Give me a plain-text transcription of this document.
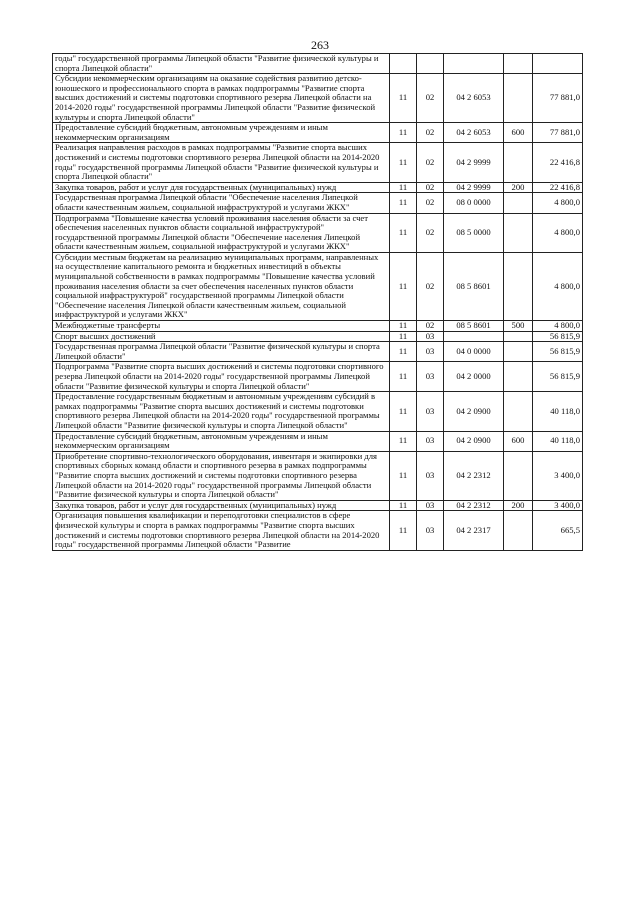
263
годы" государственной программы Липецкой области "Развитие физической культуры и спорта Липецкой области"					
Субсидии некоммерческим организациям на оказание содействия развитию детско-юношеского и профессионального спорта в рамках подпрограммы "Развитие спорта высших достижений и системы подготовки спортивного резерва Липецкой области на 2014-2020 годы" государственной программы Липецкой области "Развитие физической культуры и спорта Липецкой области"	11	02	04 2 6053		77 881,0
Предоставление субсидий бюджетным, автономным учреждениям и иным некоммерческим организациям	11	02	04 2 6053	600	77 881,0
Реализация направления расходов в рамках подпрограммы "Развитие спорта высших достижений и системы подготовки спортивного резерва Липецкой области на 2014-2020 годы" государственной программы Липецкой области "Развитие физической культуры и спорта Липецкой области"	11	02	04 2 9999		22 416,8
Закупка товаров, работ и услуг для государственных (муниципальных) нужд	11	02	04 2 9999	200	22 416,8
Государственная программа Липецкой области "Обеспечение населения Липецкой области качественным жильем, социальной инфраструктурой и услугами ЖКХ"	11	02	08 0 0000		4 800,0
Подпрограмма "Повышение качества условий проживания населения области за счет обеспечения населенных пунктов области социальной инфраструктурой" государственной программы Липецкой области "Обеспечение населения Липецкой области качественным жильем, социальной инфраструктурой и услугами ЖКХ"	11	02	08 5 0000		4 800,0
Субсидии местным бюджетам на реализацию муниципальных программ, направленных на осуществление капитального ремонта и бюджетных инвестиций в объекты муниципальной собственности в рамках подпрограммы "Повышение качества условий проживания населения области за счет обеспечения населенных пунктов области социальной инфраструктурой" государственной программы Липецкой области "Обеспечение населения Липецкой области качественным жильем, социальной инфраструктурой и услугами ЖКХ"	11	02	08 5 8601		4 800,0
Межбюджетные трансферты	11	02	08 5 8601	500	4 800,0
Спорт высших достижений	11	03			56 815,9
Государственная программа Липецкой области "Развитие физической культуры и спорта Липецкой области"	11	03	04 0 0000		56 815,9
Подпрограмма "Развитие спорта высших достижений и системы подготовки спортивного резерва Липецкой области на 2014-2020 годы" государственной программы Липецкой области "Развитие физической культуры и спорта Липецкой области"	11	03	04 2 0000		56 815,9
Предоставление государственным бюджетным и автономным учреждениям субсидий в рамках подпрограммы "Развитие спорта высших достижений и системы подготовки спортивного резерва Липецкой области на 2014-2020 годы" государственной программы Липецкой области "Развитие физической культуры и спорта Липецкой области"	11	03	04 2 0900		40 118,0
Предоставление субсидий бюджетным, автономным учреждениям и иным некоммерческим организациям	11	03	04 2 0900	600	40 118,0
Приобретение спортивно-технологического оборудования, инвентаря и экипировки для спортивных сборных команд области и спортивного резерва в рамках подпрограммы "Развитие спорта высших достижений и системы подготовки спортивного резерва Липецкой области на 2014-2020 годы" государственной программы Липецкой области "Развитие физической культуры и спорта Липецкой области"	11	03	04 2 2312		3 400,0
Закупка товаров, работ и услуг для государственных (муниципальных) нужд	11	03	04 2 2312	200	3 400,0
Организация повышения квалификации и переподготовки специалистов в сфере физической культуры и спорта в рамках подпрограммы "Развитие спорта высших достижений и системы подготовки спортивного резерва Липецкой области на 2014-2020 годы" государственной программы Липецкой области "Развитие	11	03	04 2 2317		665,5
